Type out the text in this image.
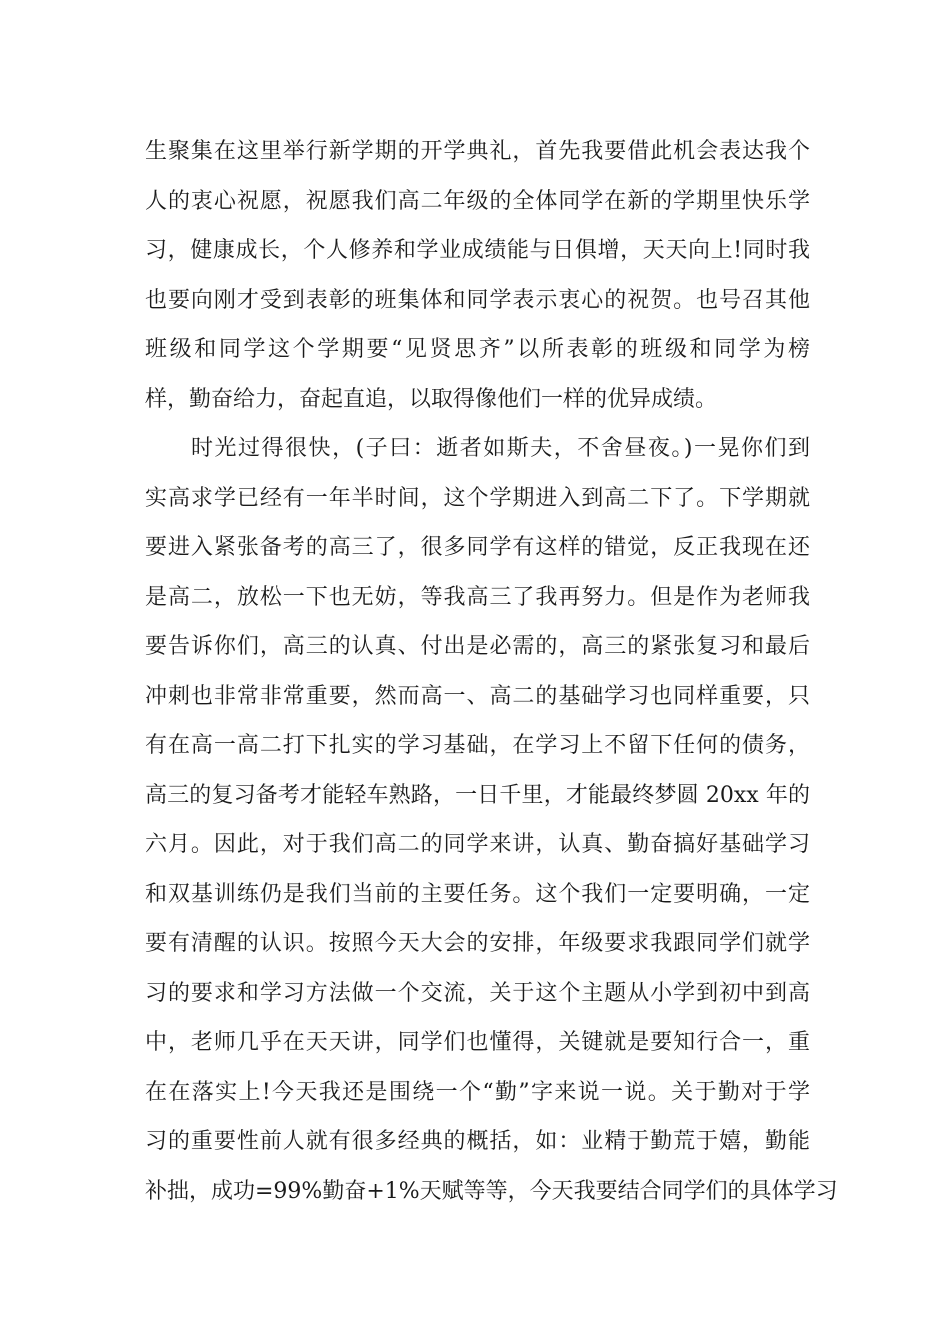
生聚集在这里举行新学期的开学典礼，首先我要借此机会表达我个
人的衷心祝愿，祝愿我们高二年级的全体同学在新的学期里快乐学
习，健康成长，个人修养和学业成绩能与日俱增，天天向上!同时我
也要向刚才受到表彰的班集体和同学表示衷心的祝贺。也号召其他
班级和同学这个学期要“见贤思齐”以所表彰的班级和同学为榜
样，勤奋给力，奋起直追，以取得像他们一样的优异成绩。
时光过得很快，(子曰：逝者如斯夫，不舍昼夜。)一晃你们到
实高求学已经有一年半时间，这个学期进入到高二下了。下学期就
要进入紧张备考的高三了，很多同学有这样的错觉，反正我现在还
是高二，放松一下也无妨，等我高三了我再努力。但是作为老师我
要告诉你们，高三的认真、付出是必需的，高三的紧张复习和最后
冲刺也非常非常重要，然而高一、高二的基础学习也同样重要，只
有在高一高二打下扎实的学习基础，在学习上不留下任何的债务，
高三的复习备考才能轻车熟路，一日千里，才能最终梦圆 20xx 年的
六月。因此，对于我们高二的同学来讲，认真、勤奋搞好基础学习
和双基训练仍是我们当前的主要任务。这个我们一定要明确，一定
要有清醒的认识。按照今天大会的安排，年级要求我跟同学们就学
习的要求和学习方法做一个交流，关于这个主题从小学到初中到高
中，老师几乎在天天讲，同学们也懂得，关键就是要知行合一，重
在在落实上!今天我还是围绕一个“勤”字来说一说。关于勤对于学
习的重要性前人就有很多经典的概括，如：业精于勤荒于嬉，勤能
补拙，成功=99%勤奋+1%天赋等等，今天我要结合同学们的具体学习
